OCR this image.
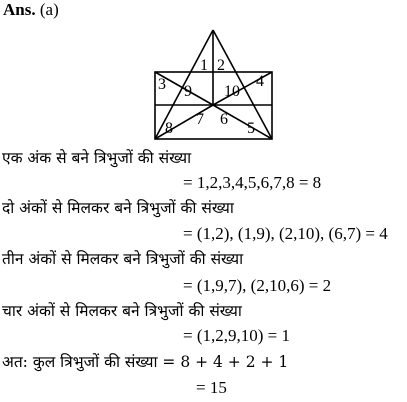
Ans. (a)
1 2
3 9 10
4
8
7 6
5
एक अंक से बने त्रिभुजों की संख्या
= 1,2,3,4,5,6,7,8 = 8
दो अंकों से मिलकर बने त्रिभुजों की संख्या
= (1,2), (1,9), (2,10), (6,7) = 4
तीन अंकों से मिलकर बने त्रिभुजों की संख्या
= (1,9,7), (2,10,6) = 2
चार अंकों से मिलकर बने त्रिभुजों की संख्या
= (1,2,9,10) = 1
अत: कुल त्रिभुजों की संख्या = 8 + 4 + 2 + 1
= 15
